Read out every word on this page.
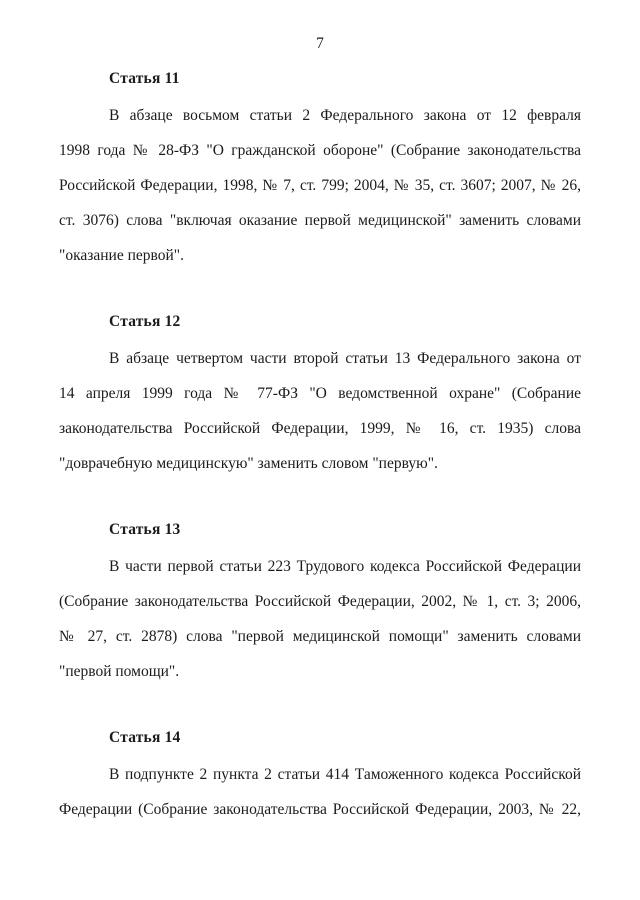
7
Статья 11
В абзаце восьмом статьи 2 Федерального закона от 12 февраля
1998 года № 28-ФЗ "О гражданской обороне" (Собрание законодательства
Российской Федерации, 1998, № 7, ст. 799; 2004, № 35, ст. 3607; 2007, № 26,
ст. 3076) слова "включая оказание первой медицинской" заменить словами
"оказание первой".
Статья 12
В абзаце четвертом части второй статьи 13 Федерального закона от
14 апреля 1999 года № 77-ФЗ "О ведомственной охране" (Собрание
законодательства Российской Федерации, 1999, № 16, ст. 1935) слова
"доврачебную медицинскую" заменить словом "первую".
Статья 13
В части первой статьи 223 Трудового кодекса Российской Федерации
(Собрание законодательства Российской Федерации, 2002, № 1, ст. 3; 2006,
№ 27, ст. 2878) слова "первой медицинской помощи" заменить словами
"первой помощи".
Статья 14
В подпункте 2 пункта 2 статьи 414 Таможенного кодекса Российской
Федерации (Собрание законодательства Российской Федерации, 2003, № 22,
